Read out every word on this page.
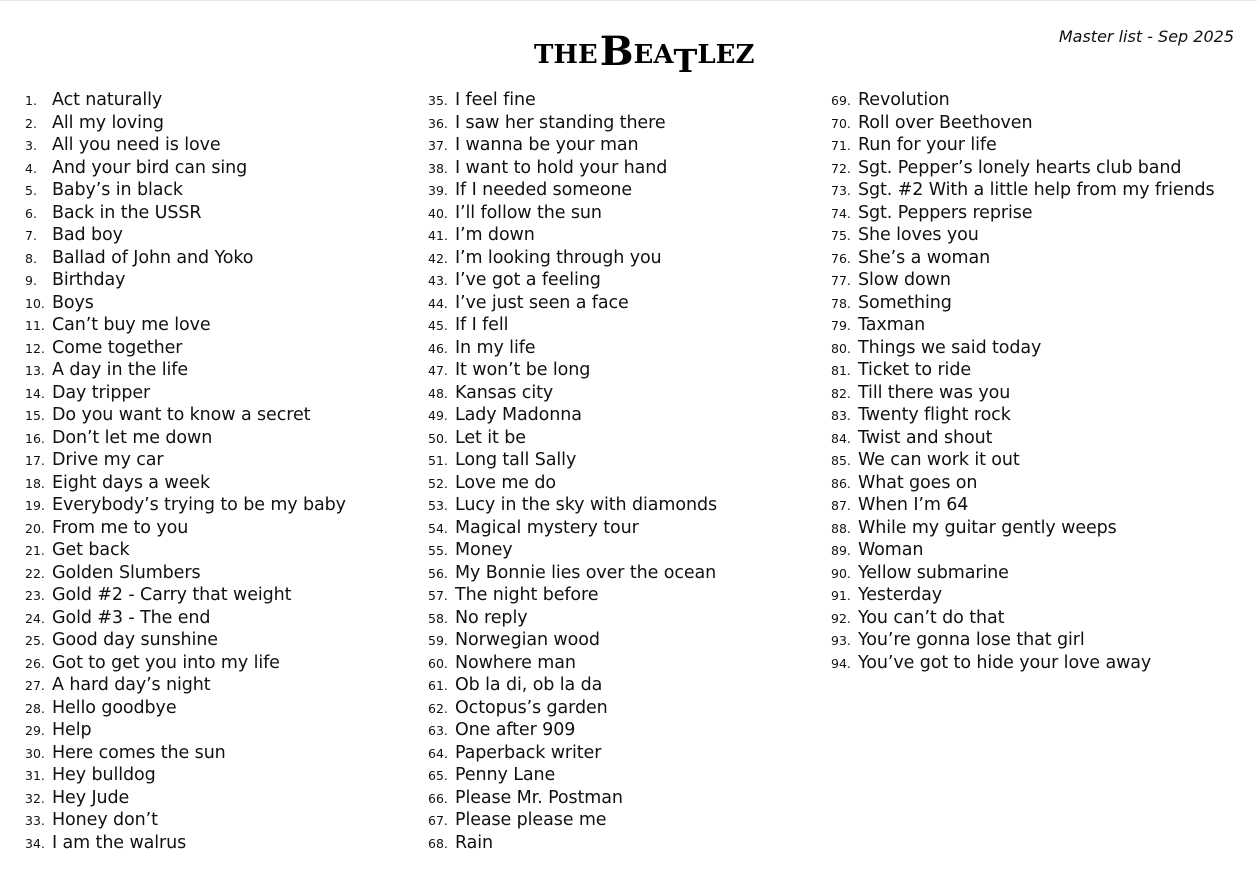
THE B EA T LEZ
Master list - Sep 2025
1. Act naturally
2. All my loving
3. All you need is love
4. And your bird can sing
5. Baby’s in black
6. Back in the USSR
7. Bad boy
8. Ballad of John and Yoko
9. Birthday
10. Boys
11. Can’t buy me love
12. Come together
13. A day in the life
14. Day tripper
15. Do you want to know a secret
16. Don’t let me down
17. Drive my car
18. Eight days a week
19. Everybody’s trying to be my baby
20. From me to you
21. Get back
22. Golden Slumbers
23. Gold #2 - Carry that weight
24. Gold #3 - The end
25. Good day sunshine
26. Got to get you into my life
27. A hard day’s night
28. Hello goodbye
29. Help
30. Here comes the sun
31. Hey bulldog
32. Hey Jude
33. Honey don’t
34. I am the walrus
35. I feel fine
36. I saw her standing there
37. I wanna be your man
38. I want to hold your hand
39. If I needed someone
40. I’ll follow the sun
41. I’m down
42. I’m looking through you
43. I’ve got a feeling
44. I’ve just seen a face
45. If I fell
46. In my life
47. It won’t be long
48. Kansas city
49. Lady Madonna
50. Let it be
51. Long tall Sally
52. Love me do
53. Lucy in the sky with diamonds
54. Magical mystery tour
55. Money
56. My Bonnie lies over the ocean
57. The night before
58. No reply
59. Norwegian wood
60. Nowhere man
61. Ob la di, ob la da
62. Octopus’s garden
63. One after 909
64. Paperback writer
65. Penny Lane
66. Please Mr. Postman
67. Please please me
68. Rain
69. Revolution
70. Roll over Beethoven
71. Run for your life
72. Sgt. Pepper’s lonely hearts club band
73. Sgt. #2 With a little help from my friends
74. Sgt. Peppers reprise
75. She loves you
76. She’s a woman
77. Slow down
78. Something
79. Taxman
80. Things we said today
81. Ticket to ride
82. Till there was you
83. Twenty flight rock
84. Twist and shout
85. We can work it out
86. What goes on
87. When I’m 64
88. While my guitar gently weeps
89. Woman
90. Yellow submarine
91. Yesterday
92. You can’t do that
93. You’re gonna lose that girl
94. You’ve got to hide your love away
